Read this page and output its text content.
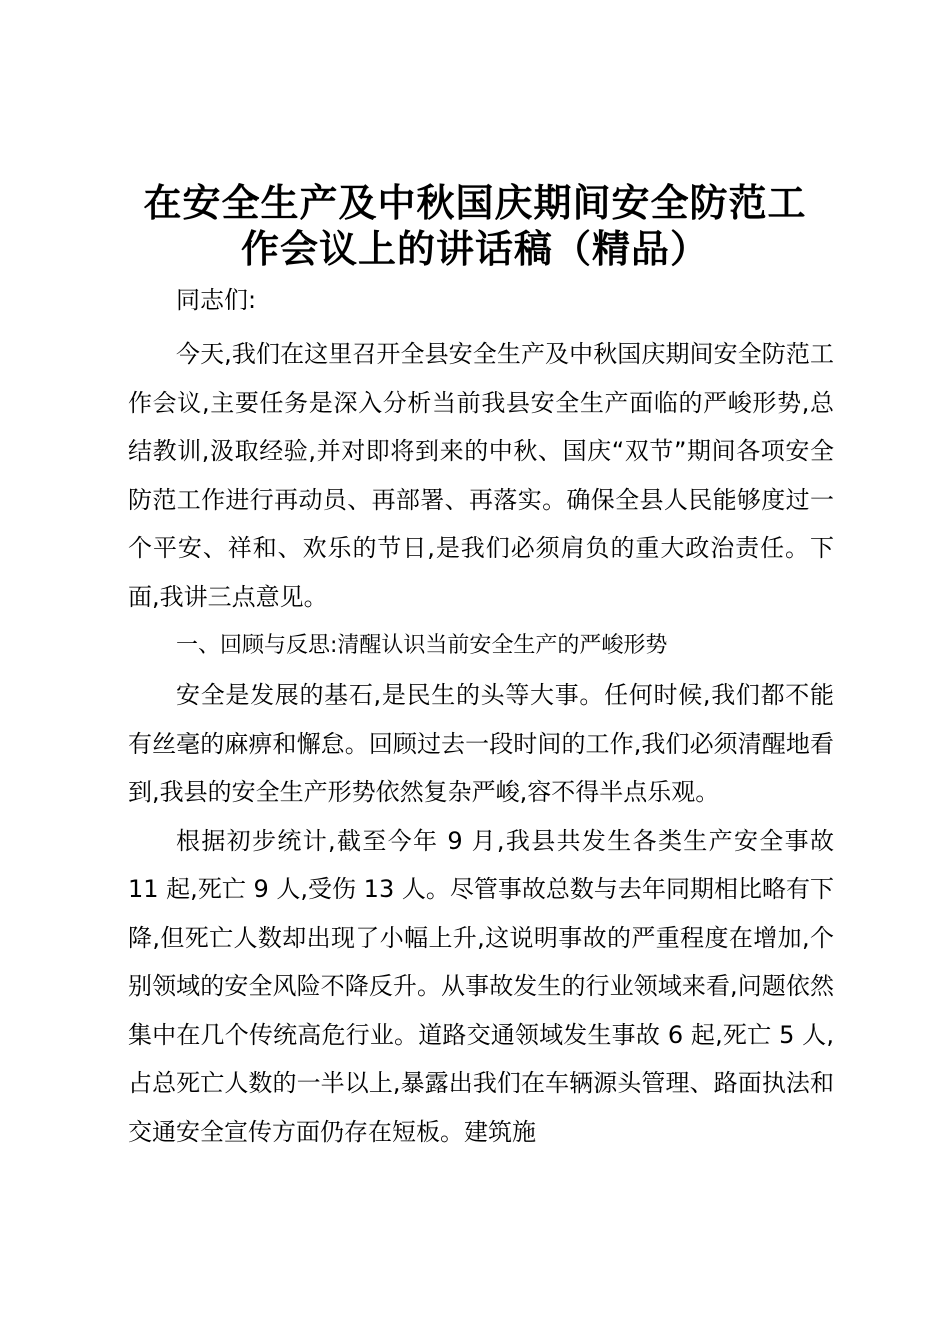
在安全生产及中秋国庆期间安全防范工
作会议上的讲话稿（精品）

同志们:

今天,我们在这里召开全县安全生产及中秋国庆期间安全防范工作会议,主要任务是深入分析当前我县安全生产面临的严峻形势,总结教训,汲取经验,并对即将到来的中秋、国庆“双节”期间各项安全防范工作进行再动员、再部署、再落实。确保全县人民能够度过一个平安、祥和、欢乐的节日,是我们必须肩负的重大政治责任。下面,我讲三点意见。

一、回顾与反思:清醒认识当前安全生产的严峻形势

安全是发展的基石,是民生的头等大事。任何时候,我们都不能有丝毫的麻痹和懈怠。回顾过去一段时间的工作,我们必须清醒地看到,我县的安全生产形势依然复杂严峻,容不得半点乐观。

根据初步统计,截至今年 9 月,我县共发生各类生产安全事故 11 起,死亡 9 人,受伤 13 人。尽管事故总数与去年同期相比略有下降,但死亡人数却出现了小幅上升,这说明事故的严重程度在增加,个别领域的安全风险不降反升。从事故发生的行业领域来看,问题依然集中在几个传统高危行业。道路交通领域发生事故 6 起,死亡 5 人,占总死亡人数的一半以上,暴露出我们在车辆源头管理、路面执法和交通安全宣传方面仍存在短板。建筑施
